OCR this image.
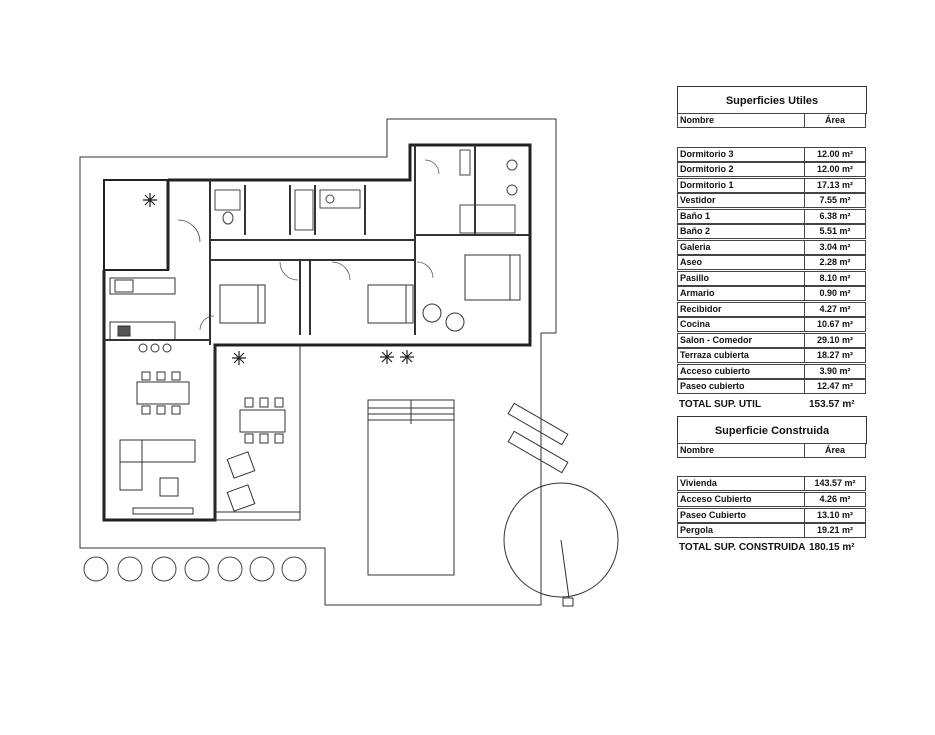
Superficies Utiles
Nombre	Área
Dormitorio 3	12.00 m²
Dormitorio 2	12.00 m²
Dormitorio 1	17.13 m²
Vestidor	7.55 m²
Baño 1	6.38 m²
Baño 2	5.51 m²
Galeria	3.04 m²
Aseo	2.28 m²
Pasillo	8.10 m²
Armario	0.90 m²
Recibidor	4.27 m²
Cocina	10.67 m²
Salon - Comedor	29.10 m²
Terraza cubierta	18.27 m²
Acceso cubierto	3.90 m²
Paseo cubierto	12.47 m²
TOTAL SUP. UTIL	153.57 m²
Superficie Construida
Nombre	Área
Vivienda	143.57 m²
Acceso Cubierto	4.26 m²
Paseo Cubierto	13.10 m²
Pergola	19.21 m²
TOTAL SUP. CONSTRUIDA 180.15 m²
